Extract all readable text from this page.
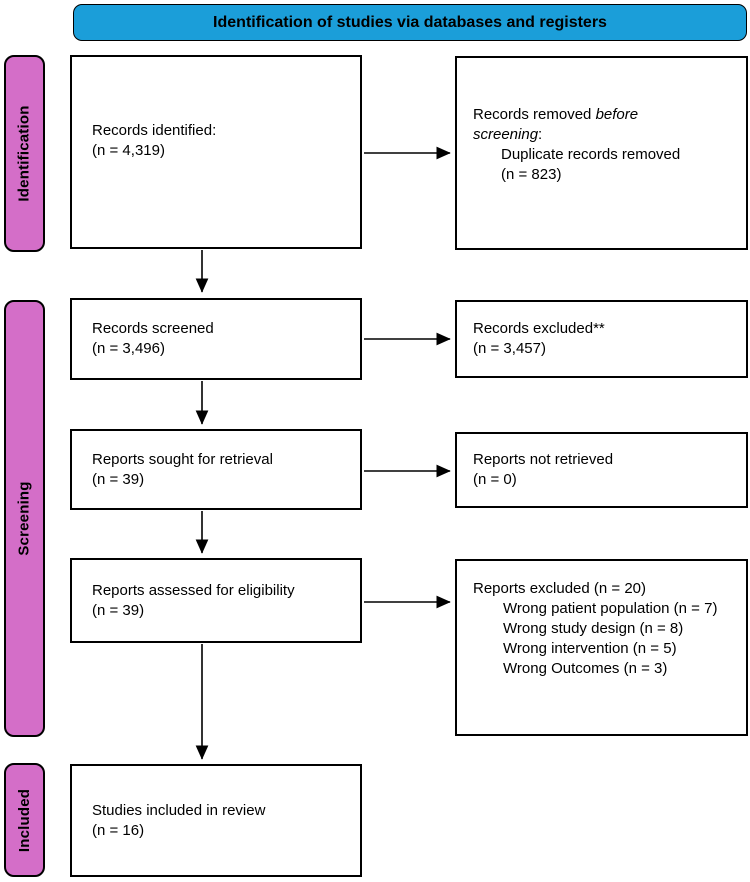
Identification of studies via databases and registers
Identification
Screening
Included
Records identified:
(n = 4,319)
Records removed before
screening:
Duplicate records removed
(n = 823)
Records screened
(n = 3,496)
Records excluded**
(n = 3,457)
Reports sought for retrieval
(n = 39)
Reports not retrieved
(n = 0)
Reports assessed for eligibility
(n = 39)
Reports excluded (n = 20)
Wrong patient population (n = 7)
Wrong study design (n = 8)
Wrong intervention (n = 5)
Wrong Outcomes (n = 3)
Studies included in review
(n = 16)
